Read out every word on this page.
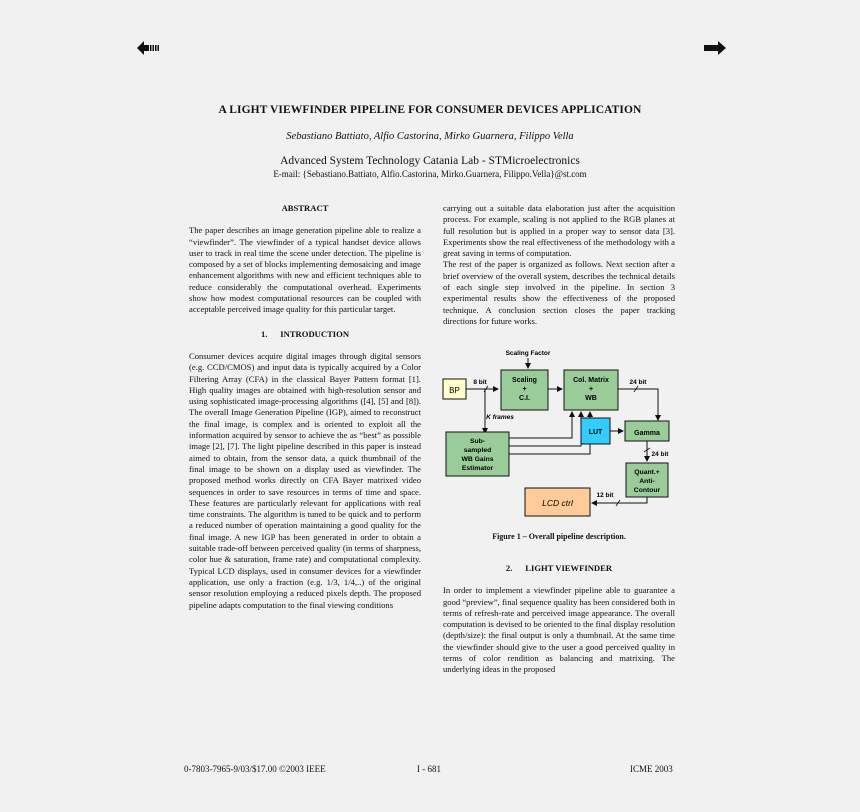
A LIGHT VIEWFINDER PIPELINE FOR CONSUMER DEVICES APPLICATION
Sebastiano Battiato, Alfio Castorina, Mirko Guarnera, Filippo Vella
Advanced System Technology Catania Lab - STMicroelectronics
E-mail: {Sebastiano.Battiato, Alfio.Castorina, Mirko.Guarnera, Filippo.Vella}@st.com
ABSTRACT

The paper describes an image generation pipeline able to realize a “viewfinder”. The viewfinder of a typical handset device allows user to track in real time the scene under detection. The pipeline is composed by a set of blocks implementing demosaicing and image enhancement algorithms with new and efficient techniques able to reduce considerably the computational overhead. Experiments show how modest computational resources can be coupled with acceptable perceived image quality for this particular target.

1.      INTRODUCTION

Consumer devices acquire digital images through digital sensors (e.g. CCD/CMOS) and input data is typically acquired by a Color Filtering Array (CFA) in the classical Bayer Pattern format [1]. High quality images are obtained with high-resolution sensor and using sophisticated image-processing algorithms ([4], [5] and [8]). The overall Image Generation Pipeline (IGP), aimed to reconstruct the final image, is complex and is oriented to exploit all the information acquired by sensor to achieve the as “best” as possible image [2], [7]. The light pipeline described in this paper is instead aimed to obtain, from the sensor data, a quick thumbnail of the final image to be shown on a display used as viewfinder. The proposed method works directly on CFA Bayer matrixed video sequences in order to save resources in terms of time and space. These features are particularly relevant for applications with real time constraints. The algorithm is tuned to be quick and to perform a reduced number of operation maintaining a good quality for the final image. A new IGP has been generated in order to obtain a suitable trade-off between perceived quality (in terms of sharpness, color hue & saturation, frame rate) and computational complexity. Typical LCD displays, used in consumer devices for a viewfinder application, use only a fraction (e.g. 1/3, 1/4,..) of the original sensor resolution employing a reduced pixels depth. The proposed pipeline adapts computation to the final viewing conditions

carrying out a suitable data elaboration just after the acquisition process. For example, scaling is not applied to the RGB planes at full resolution but is applied in a proper way to sensor data [3]. Experiments show the real effectiveness of the methodology with a great saving in terms of computation.

The rest of the paper is organized as follows. Next section after a brief overview of the overall system, describes the technical details of each single step involved in the pipeline. In section 3 experimental results show the effectiveness of the proposed technique. A conclusion section closes the paper tracking directions for future works.

Scaling Factor
BP
8 bit	Scaling
+
C.I.
Col. Matrix
+
WB
24 bit
K frames
Sub-
sampled
WB Gains
Estimator
LUT	Gamma
24 bit
Quant.+
Anti-
Contour
12 bit
LCD ctrl
Figure 1 – Overall pipeline description.
2.      LIGHT VIEWFINDER

In order to implement a viewfinder pipeline able to guarantee a good “preview”, final sequence quality has been considered both in terms of refresh-rate and perceived image appearance. The overall computation is devised to be oriented to the final display resolution (depth/size): the final output is only a thumbnail. At the same time the viewfinder should give to the user a good perceived quality in terms of color rendition as balancing and matrixing. The underlying ideas in the proposed

0-7803-7965-9/03/$17.00 ©2003 IEEE	I - 681	ICME 2003
